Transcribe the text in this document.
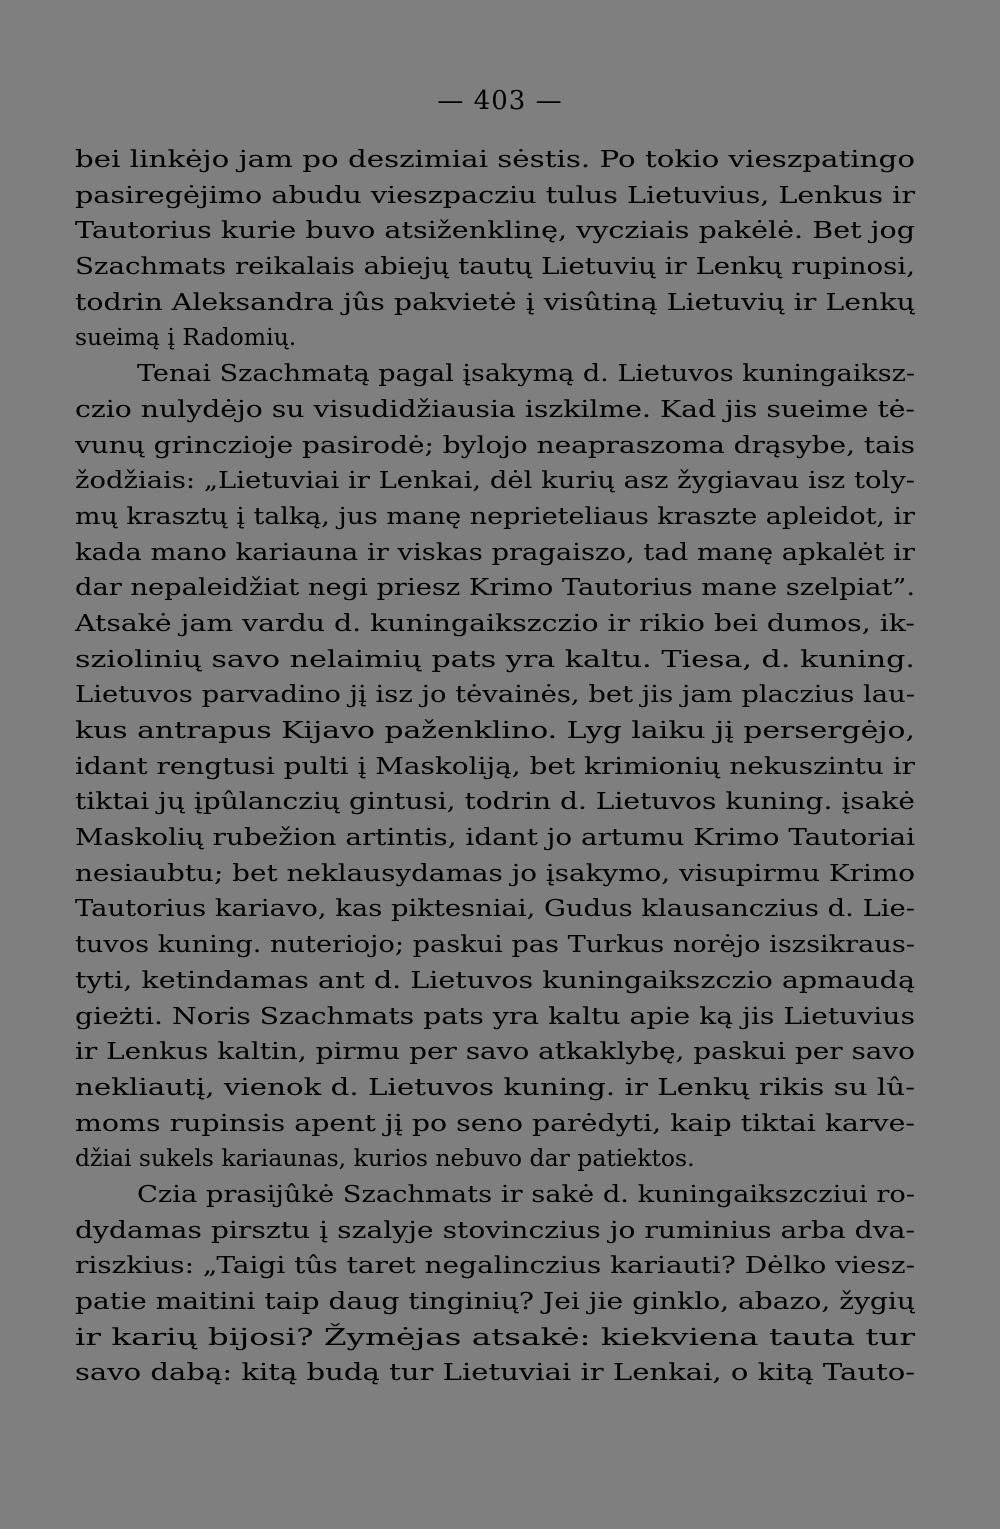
— 403 —
bei linkėjo jam po deszimiai sėstis. Po tokio vieszpatingo
pasiregėjimo abudu vieszpacziu tulus Lietuvius, Lenkus ir
Tautorius kurie buvo atsiženklinę, vycziais pakėlė. Bet jog
Szachmats reikalais abiejų tautų Lietuvių ir Lenkų rupinosi,
todrin Aleksandra jûs pakvietė į visûtiną Lietuvių ir Lenkų
sueimą į Radomių.
Tenai Szachmatą pagal įsakymą d. Lietuvos kuningaiksz-
czio nulydėjo su visudidžiausia iszkilme. Kad jis sueime tė-
vunų grinczioje pasirodė; bylojo neapraszoma drąsybe, tais
žodžiais: „Lietuviai ir Lenkai, dėl kurių asz žygiavau isz toly-
mų krasztų į talką, jus manę neprieteliaus kraszte apleidot, ir
kada mano kariauna ir viskas pragaiszo, tad manę apkalėt ir
dar nepaleidžiat negi priesz Krimo Tautorius mane szelpiat”.
Atsakė jam vardu d. kuningaikszczio ir rikio bei dumos, ik-
sziolinių savo nelaimių pats yra kaltu. Tiesa, d. kuning.
Lietuvos parvadino jį isz jo tėvainės, bet jis jam placzius lau-
kus antrapus Kijavo paženklino. Lyg laiku jį persergėjo,
idant rengtusi pulti į Maskoliją, bet krimionių nekuszintu ir
tiktai jų įpûlanczių gintusi, todrin d. Lietuvos kuning. įsakė
Maskolių rubežion artintis, idant jo artumu Krimo Tautoriai
nesiaubtu; bet neklausydamas jo įsakymo, visupirmu Krimo
Tautorius kariavo, kas piktesniai, Gudus klausanczius d. Lie-
tuvos kuning. nuteriojo; paskui pas Turkus norėjo iszsikraus-
tyti, ketindamas ant d. Lietuvos kuningaikszczio apmaudą
gieżti. Noris Szachmats pats yra kaltu apie ką jis Lietuvius
ir Lenkus kaltin, pirmu per savo atkaklybę, paskui per savo
nekliautį, vienok d. Lietuvos kuning. ir Lenkų rikis su lû-
moms rupinsis apent jį po seno parėdyti, kaip tiktai karve-
džiai sukels kariaunas, kurios nebuvo dar patiektos.
Czia prasijûkė Szachmats ir sakė d. kuningaikszcziui ro-
dydamas pirsztu į szalyje stovinczius jo ruminius arba dva-
riszkius: „Taigi tûs taret negalinczius kariauti? Dėlko viesz-
patie maitini taip daug tinginių? Jei jie ginklo, abazo, žygių
ir karių bijosi? Žymėjas atsakė: kiekviena tauta tur
savo dabą: kitą budą tur Lietuviai ir Lenkai, o kitą Tauto-
